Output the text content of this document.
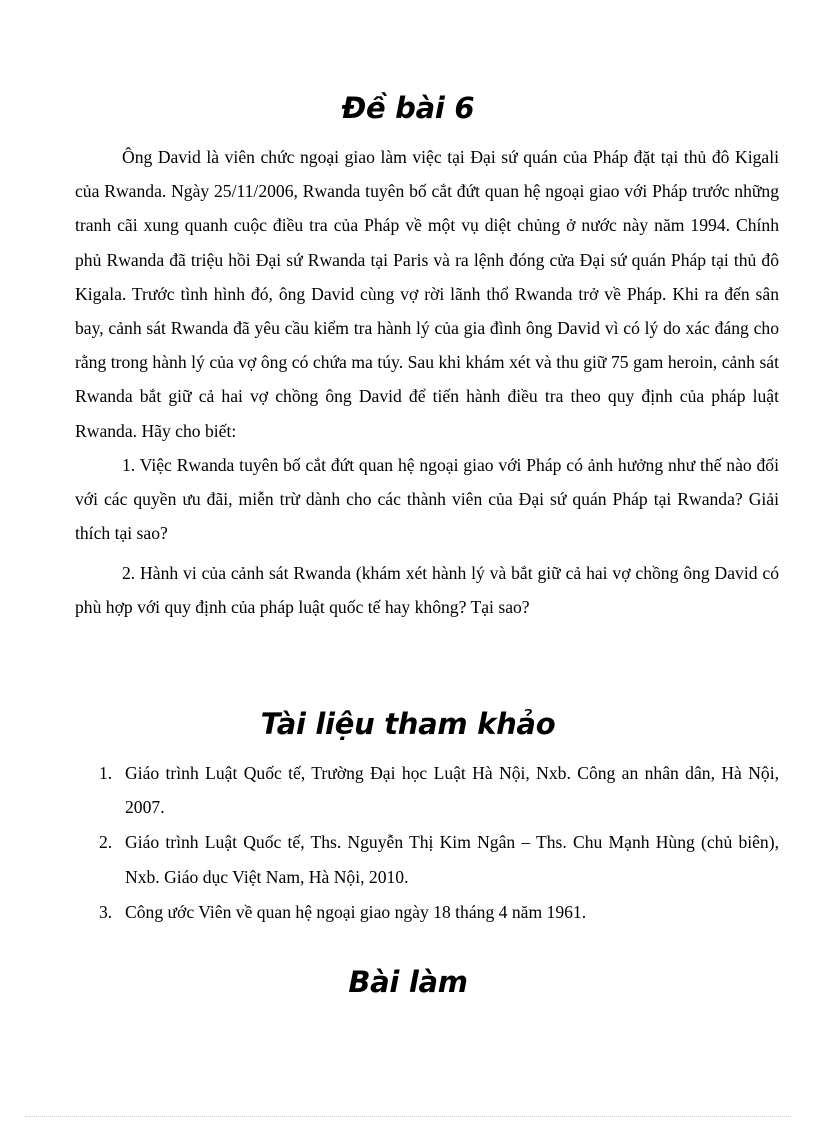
Đề bài 6

Ông David là viên chức ngoại giao làm việc tại Đại sứ quán của Pháp đặt tại thủ đô Kigali của Rwanda. Ngày 25/11/2006, Rwanda tuyên bố cắt đứt quan hệ ngoại giao với Pháp trước những tranh cãi xung quanh cuộc điều tra của Pháp về một vụ diệt chủng ở nước này năm 1994. Chính phủ Rwanda đã triệu hồi Đại sứ Rwanda tại Paris và ra lệnh đóng cửa Đại sứ quán Pháp tại thủ đô Kigala. Trước tình hình đó, ông David cùng vợ rời lãnh thổ Rwanda trở về Pháp. Khi ra đến sân bay, cảnh sát Rwanda đã yêu cầu kiểm tra hành lý của gia đình ông David vì có lý do xác đáng cho rằng trong hành lý của vợ ông có chứa ma túy. Sau khi khám xét và thu giữ 75 gam heroin, cảnh sát Rwanda bắt giữ cả hai vợ chồng ông David để tiến hành điều tra theo quy định của pháp luật Rwanda. Hãy cho biết:

1. Việc Rwanda tuyên bố cắt đứt quan hệ ngoại giao với Pháp có ảnh hưởng như thế nào đối với các quyền ưu đãi, miễn trừ dành cho các thành viên của Đại sứ quán Pháp tại Rwanda? Giải thích tại sao?

2. Hành vi của cảnh sát Rwanda (khám xét hành lý và bắt giữ cả hai vợ chồng ông David có phù hợp với quy định của pháp luật quốc tế hay không? Tại sao?

Tài liệu tham khảo
1. Giáo trình Luật Quốc tế, Trường Đại học Luật Hà Nội, Nxb. Công an nhân dân, Hà Nội, 2007.
2. Giáo trình Luật Quốc tế, Ths. Nguyễn Thị Kim Ngân – Ths. Chu Mạnh Hùng (chủ biên), Nxb. Giáo dục Việt Nam, Hà Nội, 2010.
3. Công ước Viên về quan hệ ngoại giao ngày 18 tháng 4 năm 1961.
Bài làm
